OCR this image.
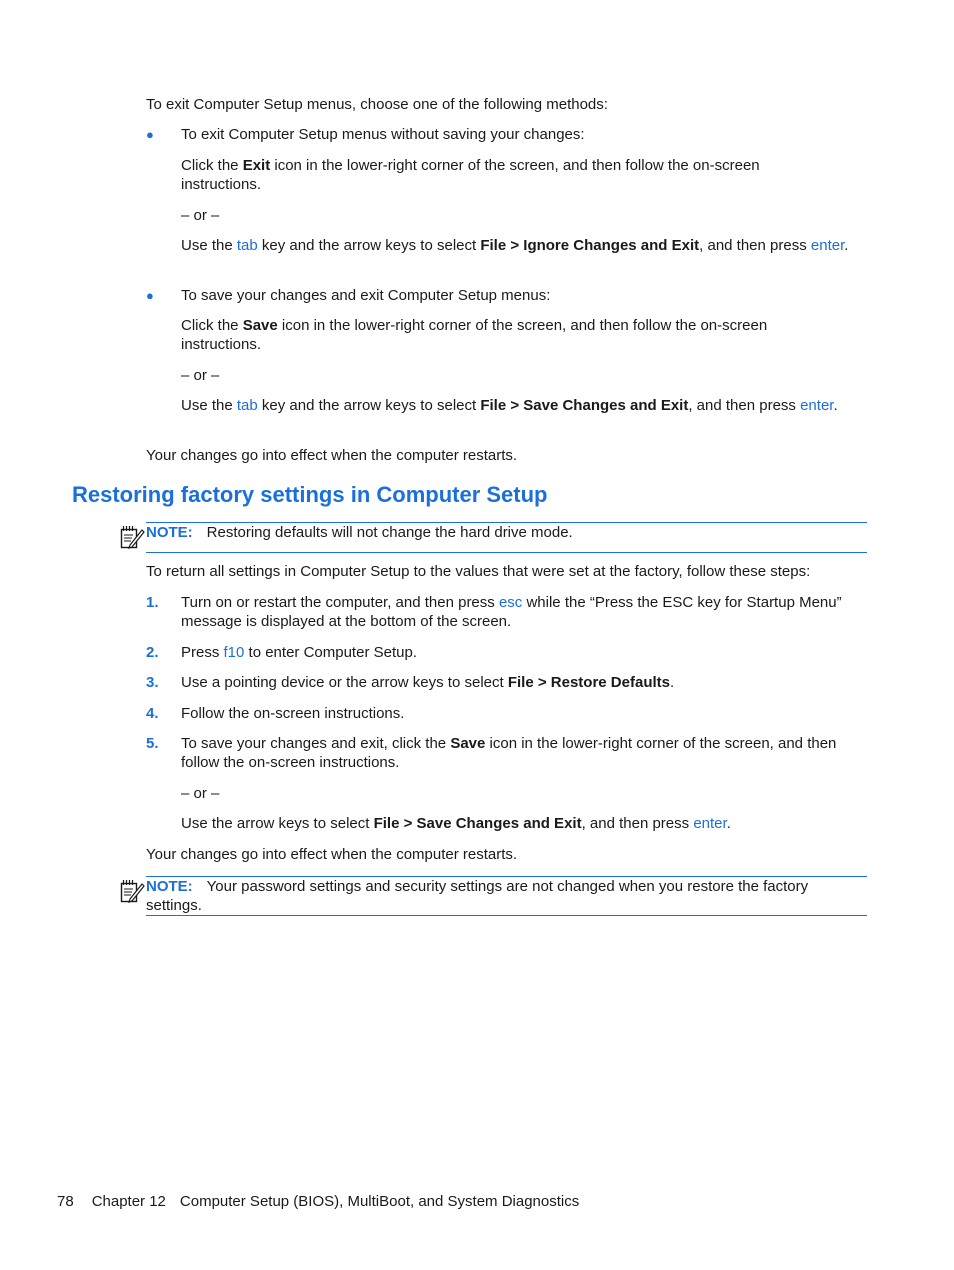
To exit Computer Setup menus, choose one of the following methods:
● To exit Computer Setup menus without saving your changes:
Click the Exit icon in the lower-right corner of the screen, and then follow the on-screen instructions.
– or –
Use the tab key and the arrow keys to select File > Ignore Changes and Exit, and then press enter.
● To save your changes and exit Computer Setup menus:
Click the Save icon in the lower-right corner of the screen, and then follow the on-screen instructions.
– or –
Use the tab key and the arrow keys to select File > Save Changes and Exit, and then press enter.
Your changes go into effect when the computer restarts.
Restoring factory settings in Computer Setup
NOTE: Restoring defaults will not change the hard drive mode.
To return all settings in Computer Setup to the values that were set at the factory, follow these steps:
1. Turn on or restart the computer, and then press esc while the “Press the ESC key for Startup Menu” message is displayed at the bottom of the screen.
2. Press f10 to enter Computer Setup.
3. Use a pointing device or the arrow keys to select File > Restore Defaults.
4. Follow the on-screen instructions.
5. To save your changes and exit, click the Save icon in the lower-right corner of the screen, and then follow the on-screen instructions.
– or –
Use the arrow keys to select File > Save Changes and Exit, and then press enter.
Your changes go into effect when the computer restarts.
NOTE: Your password settings and security settings are not changed when you restore the factory settings.
78 Chapter 12 Computer Setup (BIOS), MultiBoot, and System Diagnostics
